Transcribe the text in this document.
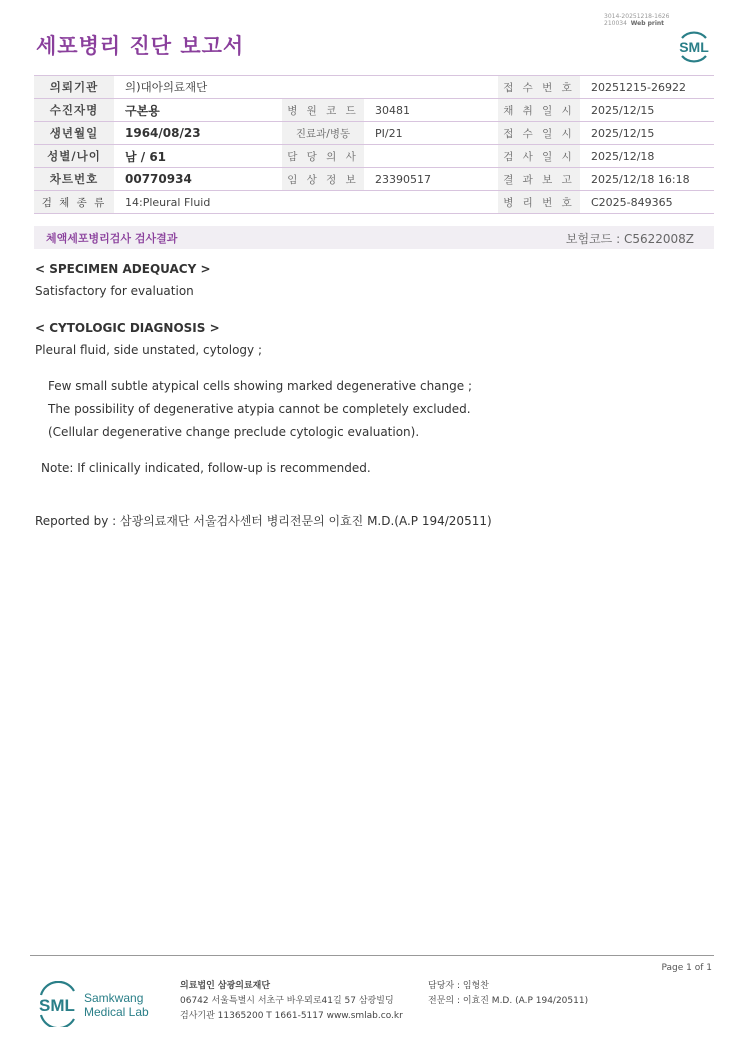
세포병리 진단 보고서
3014-20251218-1626
210034 Web print
SML
의뢰기관	의)대아의료재단			접 수 번 호	20251215-26922
수진자명	구본용	병 원 코 드	30481	채 취 일 시	2025/12/15
생년월일	1964/08/23	진료과/병동	PI/21	접 수 일 시	2025/12/15
성별/나이	남 / 61	담 당 의 사		검 사 일 시	2025/12/18
차트번호	00770934	임 상 정 보	23390517	결 과 보 고	2025/12/18 16:18
검 체 종 류	14:Pleural Fluid			병 리 번 호	C2025-849365
체액세포병리검사 검사결과	보험코드 : C5622008Z
< SPECIMEN ADEQUACY >
Satisfactory for evaluation
< CYTOLOGIC DIAGNOSIS >
Pleural fluid, side unstated, cytology ;
Few small subtle atypical cells showing marked degenerative change ;
The possibility of degenerative atypia cannot be completely excluded.
(Cellular degenerative change preclude cytologic evaluation).
Note: If clinically indicated, follow-up is recommended.
Reported by : 삼광의료재단 서울검사센터 병리전문의 이효진 M.D.(A.P 194/20511)
Page 1 of 1
SML Samkwang
Medical Lab
의료법인 삼광의료재단
06742 서울특별시 서초구 바우뫼로41길 57 삼광빌딩
검사기관 11365200 T 1661-5117 www.smlab.co.kr
담당자 : 임형찬
전문의 : 이효진 M.D. (A.P 194/20511)
